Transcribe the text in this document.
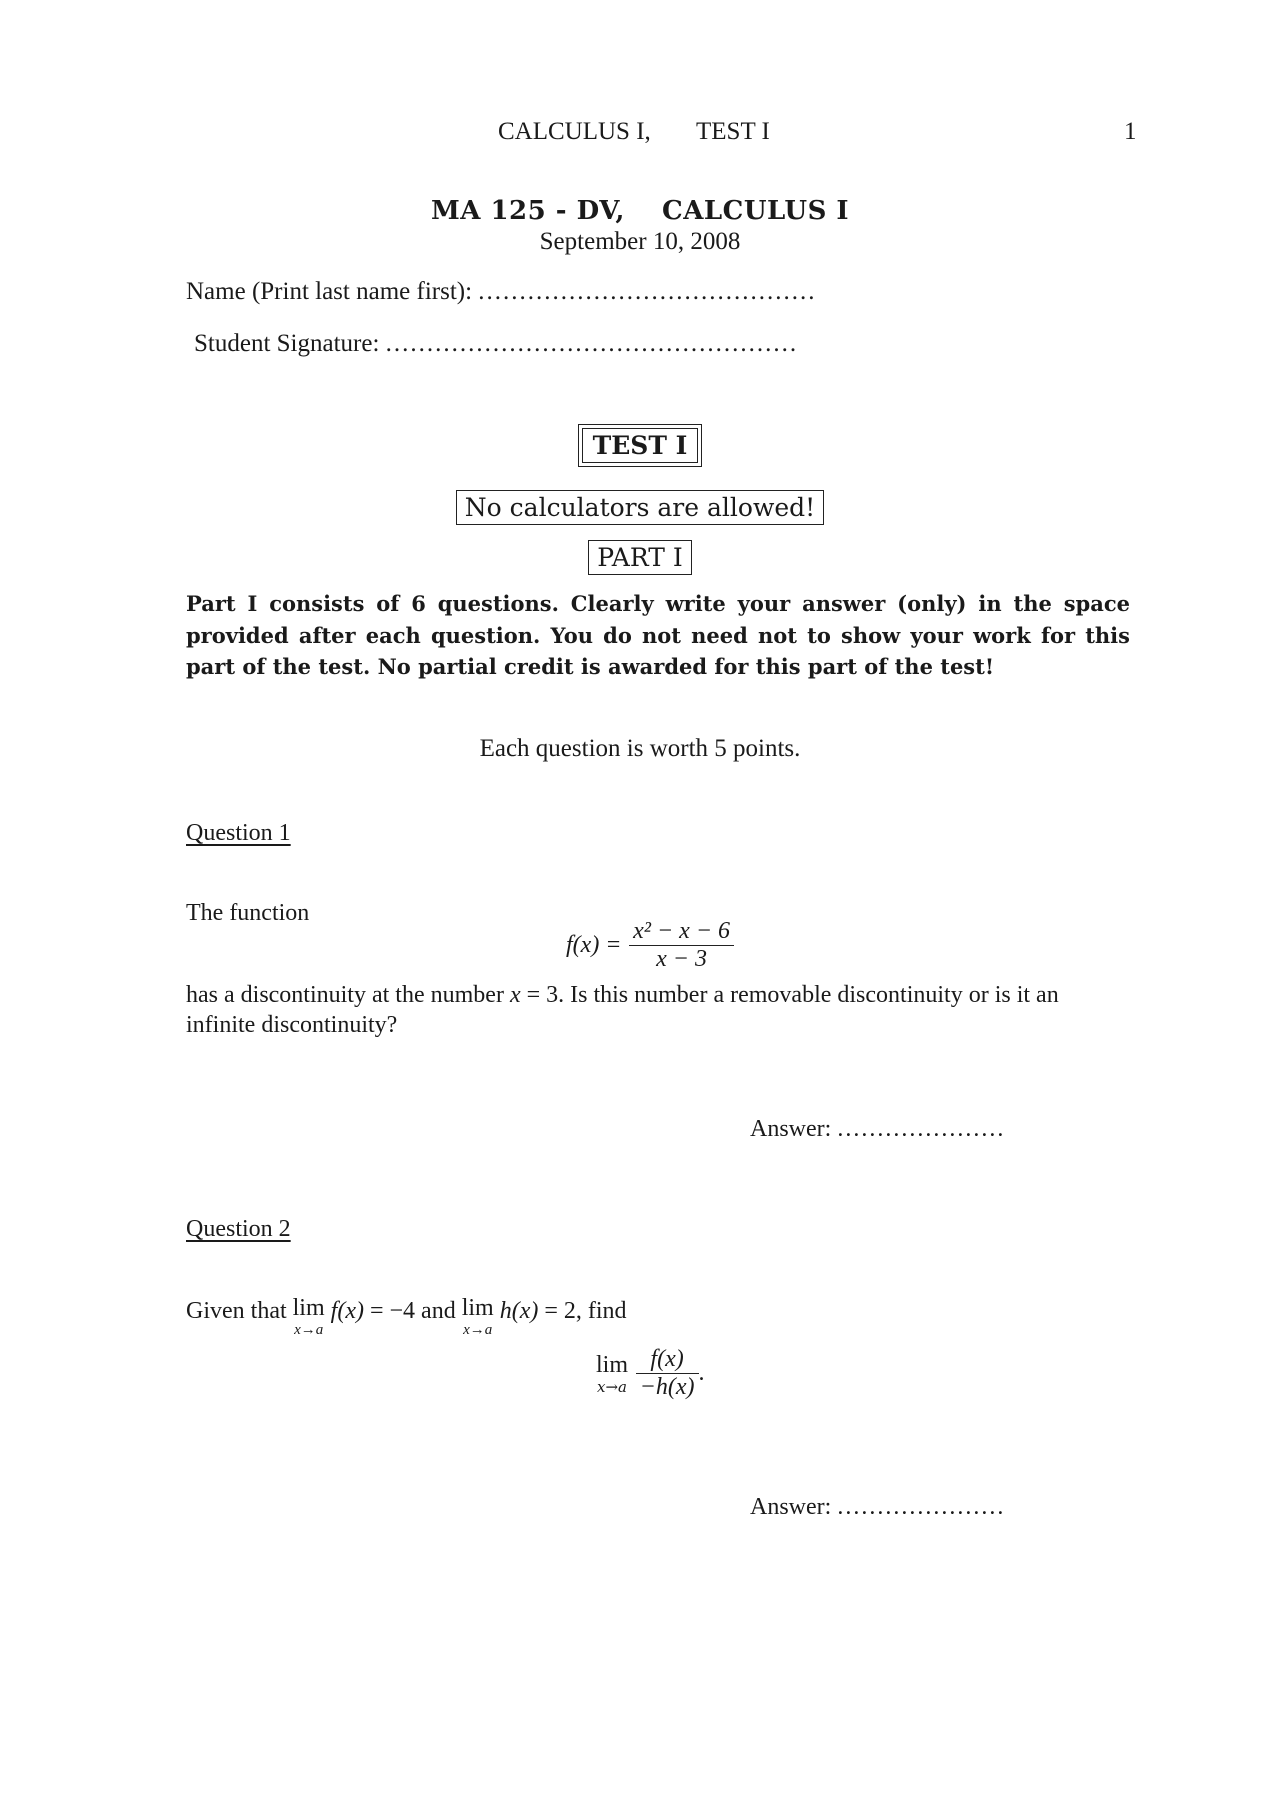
CALCULUS I, TEST I	1
MA 125 - DV, CALCULUS I
September 10, 2008
Name (Print last name first): .........................................
Student Signature: ..................................................
TEST I
No calculators are allowed!
PART I
Part I consists of 6 questions. Clearly write your answer (only) in the space provided after each question. You do not need not to show your work for this part of the test. No partial credit is awarded for this part of the test!
Each question is worth 5 points.
Question 1
The function
$f(x) = \frac{\text{x² − x − 6}}{x - 3}$
has a discontinuity at the number x = 3. Is this number a removable discontinuity or is it an
infinite discontinuity?
Answer: .....................
Question 2
Given that lim
x→a
f(x) = −4 and lim
x→a
h(x) = 2, find
lim
x→a
$\frac{f(x)}{-h(x)}$ .
Answer: .....................
